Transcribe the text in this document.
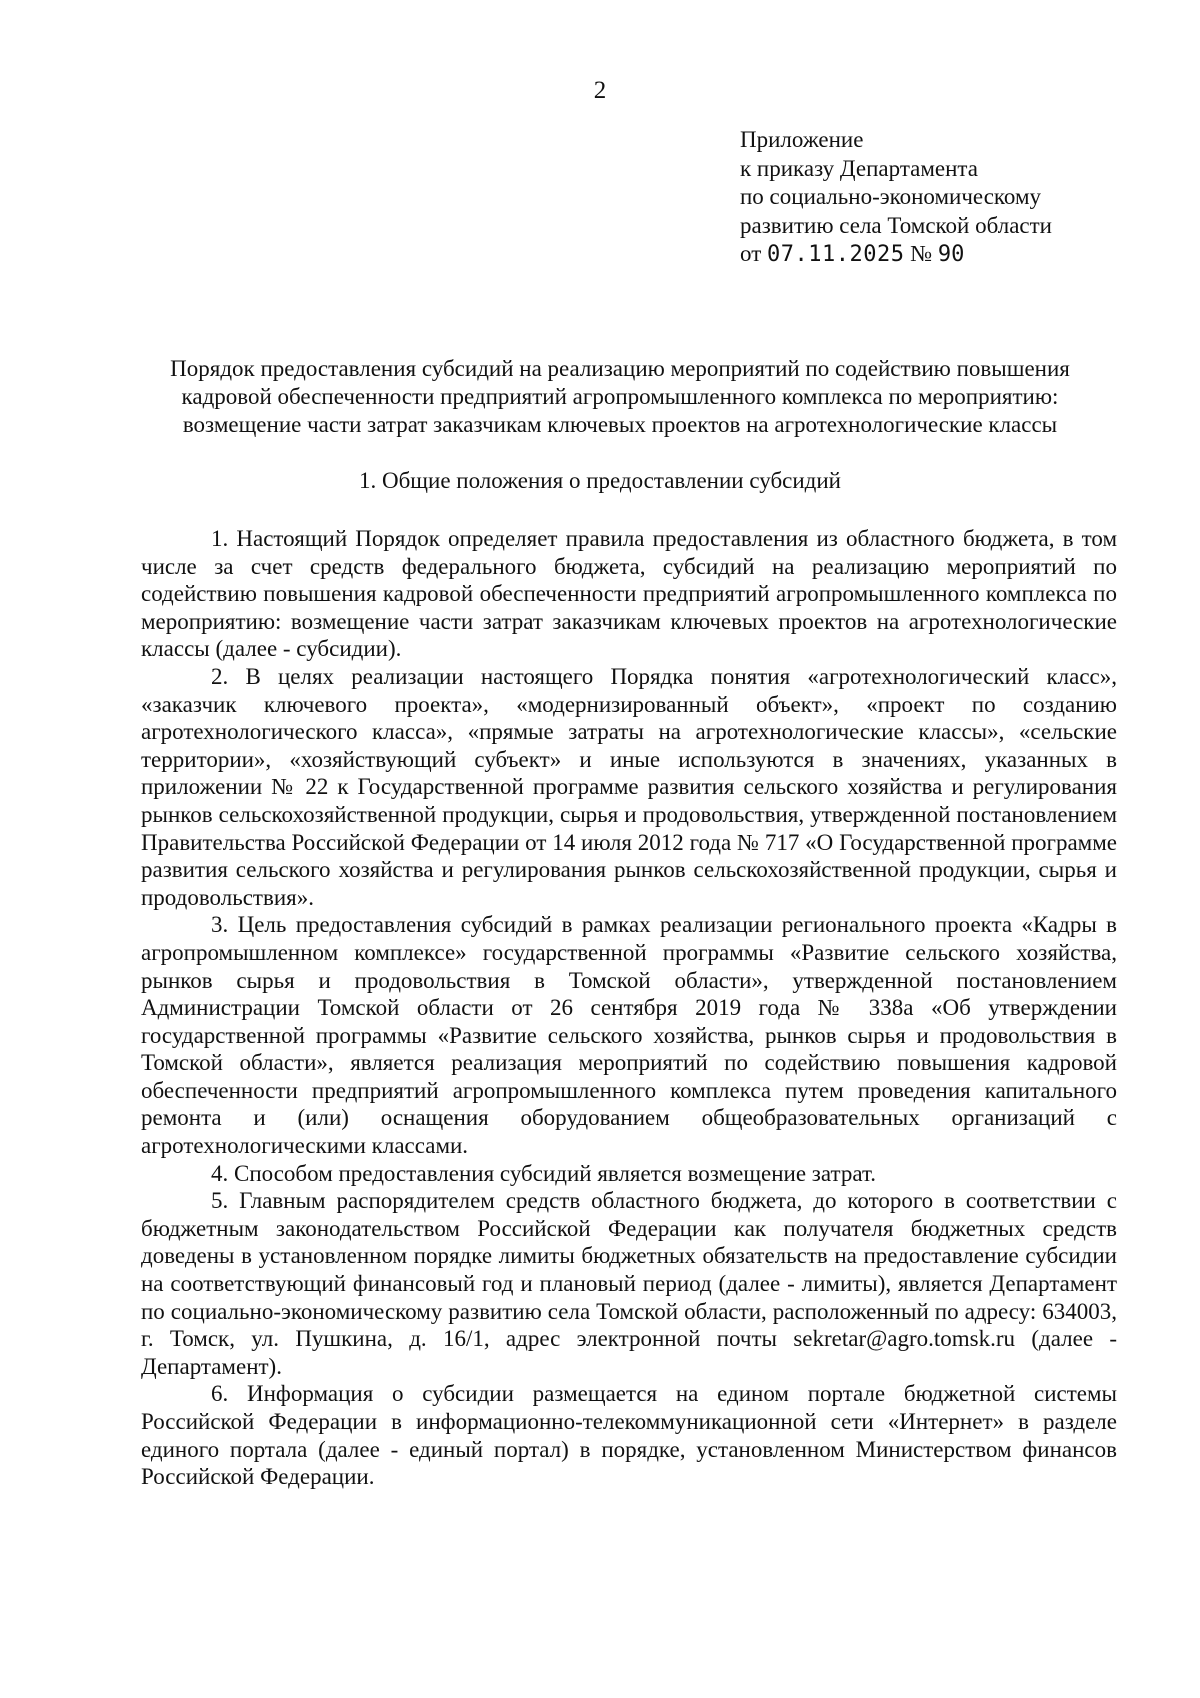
2
Приложение
к приказу Департамента
по социально-экономическому
развитию села Томской области
от 07.11.2025 № 90
Порядок предоставления субсидий на реализацию мероприятий по содействию повышения
кадровой обеспеченности предприятий агропромышленного комплекса по мероприятию:
возмещение части затрат заказчикам ключевых проектов на агротехнологические классы
1. Общие положения о предоставлении субсидий

1. Настоящий Порядок определяет правила предоставления из областного бюджета, в том числе за счет средств федерального бюджета, субсидий на реализацию мероприятий по содействию повышения кадровой обеспеченности предприятий агропромышленного комплекса по мероприятию: возмещение части затрат заказчикам ключевых проектов на агротехнологические классы (далее - субсидии).

2. В целях реализации настоящего Порядка понятия «агротехнологический класс», «заказчик ключевого проекта», «модернизированный объект», «проект по созданию агротехнологического класса», «прямые затраты на агротехнологические классы», «сельские территории», «хозяйствующий субъект» и иные используются в значениях, указанных в приложении № 22 к Государственной программе развития сельского хозяйства и регулирования рынков сельскохозяйственной продукции, сырья и продовольствия, утвержденной постановлением Правительства Российской Федерации от 14 июля 2012 года № 717 «О Государственной программе развития сельского хозяйства и регулирования рынков сельскохозяйственной продукции, сырья и продовольствия».

3. Цель предоставления субсидий в рамках реализации регионального проекта «Кадры в агропромышленном комплексе» государственной программы «Развитие сельского хозяйства, рынков сырья и продовольствия в Томской области», утвержденной постановлением Администрации Томской области от 26 сентября 2019 года № 338а «Об утверждении государственной программы «Развитие сельского хозяйства, рынков сырья и продовольствия в Томской области», является реализация мероприятий по содействию повышения кадровой обеспеченности предприятий агропромышленного комплекса путем проведения капитального ремонта и (или) оснащения оборудованием общеобразовательных организаций с агротехнологическими классами.

4. Способом предоставления субсидий является возмещение затрат.

5. Главным распорядителем средств областного бюджета, до которого в соответствии с бюджетным законодательством Российской Федерации как получателя бюджетных средств доведены в установленном порядке лимиты бюджетных обязательств на предоставление субсидии на соответствующий финансовый год и плановый период (далее - лимиты), является Департамент по социально-экономическому развитию села Томской области, расположенный по адресу: 634003, г. Томск, ул. Пушкина, д. 16/1, адрес электронной почты sekretar@agro.tomsk.ru (далее - Департамент).

6. Информация о субсидии размещается на едином портале бюджетной системы Российской Федерации в информационно-телекоммуникационной сети «Интернет» в разделе единого портала (далее - единый портал) в порядке, установленном Министерством финансов Российской Федерации.
